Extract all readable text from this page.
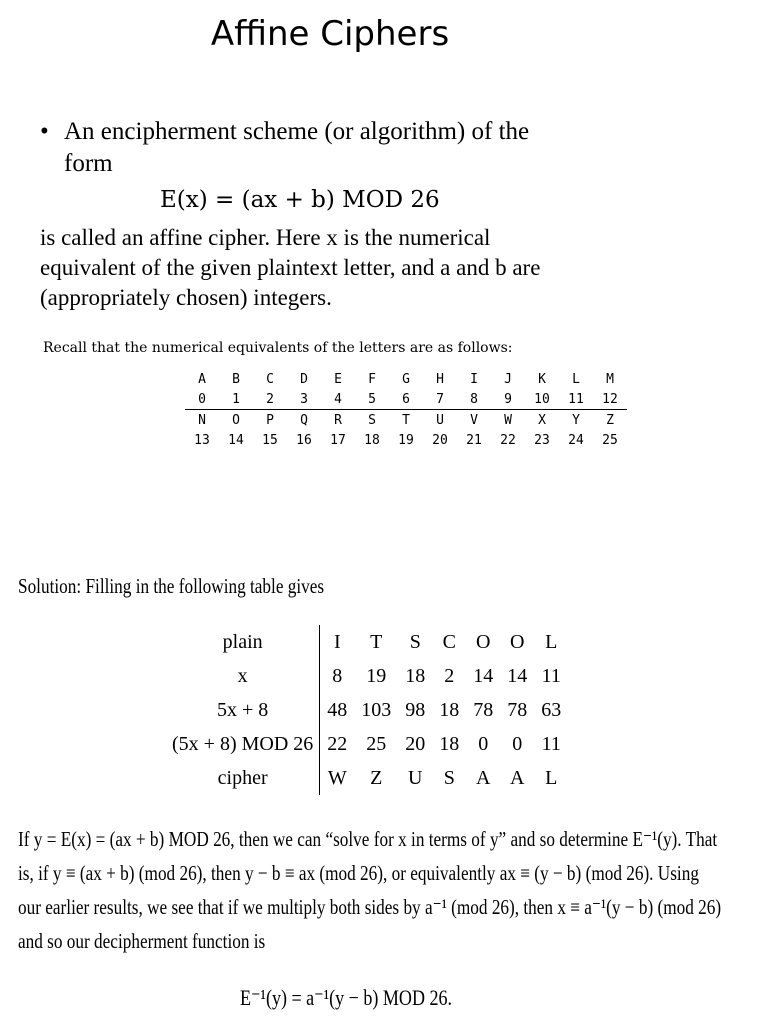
Affine Ciphers
• An encipherment scheme (or algorithm) of the
form
E(x) = (ax + b) MOD 26
is called an affine cipher. Here x is the numerical
equivalent of the given plaintext letter, and a and b are
(appropriately chosen) integers.
Recall that the numerical equivalents of the letters are as follows:
A	B	C	D	E	F	G	H	I	J	K	L	M
0	1	2	3	4	5	6	7	8	9	10	11	12
N	O	P	Q	R	S	T	U	V	W	X	Y	Z
13	14	15	16	17	18	19	20	21	22	23	24	25
Solution: Filling in the following table gives
plain	I	T	S	C	O	O	L
x	8	19	18	2	14	14	11
5x + 8	48	103	98	18	78	78	63
(5x + 8) MOD 26	22	25	20	18	0	0	11
cipher	W	Z	U	S	A	A	L
If y = E(x) = (ax + b) MOD 26, then we can “solve for x in terms of y” and so determine E⁻¹(y). That
is, if y ≡ (ax + b) (mod 26), then y − b ≡ ax (mod 26), or equivalently ax ≡ (y − b) (mod 26). Using
our earlier results, we see that if we multiply both sides by a⁻¹ (mod 26), then x ≡ a⁻¹(y − b) (mod 26)
and so our decipherment function is
E⁻¹(y) = a⁻¹(y − b) MOD 26.
